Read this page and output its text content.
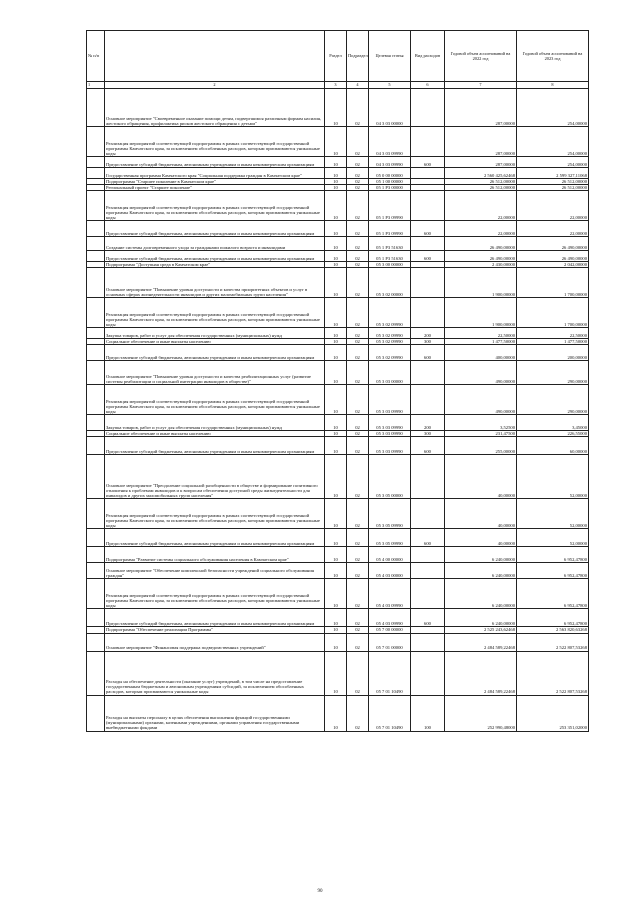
№ п/п		Раздел	Подраздел	Целевая статья	Вид расходов	Годовой объем ассигнований на 2022 год	Годовой объем ассигнований на 2023 год
1	2	3	4	5	6	7	8
	Основное мероприятие "Своевременное оказание помощи детям, подвергшимся различным формам насилия, жестокого обращения, профилактика рисков жестокого обращения с детьми"	10	02	04 3 03 00000		287,00000	254,00000
	Реализация мероприятий соответствующей подпрограммы в рамках соответствующей государственной программы Камчатского края, за исключением обособленных расходов, которым присваиваются уникальные коды	10	02	04 3 03 09990		287,00000	254,00000
	Предоставление субсидий бюджетным, автономным учреждениям и иным некоммерческим организациям	10	02	04 3 03 09990	600	287,00000	254,00000
	Государственная программа Камчатского края "Социальная поддержка граждан в Камчатском крае"	10	02	05 0 00 00000		2 560 425,62468	2 599 327,11068
	Подпрограмма "Старшее поколение в Камчатском крае"	10	02	05 1 00 00000		26 512,00000	26 512,00000
	Региональный проект "Старшее поколение"	10	02	05 1 P3 00000		26 512,00000	26 512,00000
	Реализация мероприятий соответствующей подпрограммы в рамках соответствующей государственной программы Камчатского края, за исключением обособленных расходов, которым присваиваются уникальные коды	10	02	05 1 P3 09990		22,00000	22,00000
	Предоставление субсидий бюджетным, автономным учреждениям и иным некоммерческим организациям	10	02	05 1 P3 09990	600	22,00000	22,00000
	Создание системы долговременного ухода за гражданами пожилого возраста и инвалидами	10	02	05 1 P3 51630		26 490,00000	26 490,00000
	Предоставление субсидий бюджетным, автономным учреждениям и иным некоммерческим организациям	10	02	05 1 P3 51630	600	26 490,00000	26 490,00000
	Подпрограмма "Доступная среда в Камчатском крае"	10	02	05 3 00 00000		2 430,00000	2 042,00000
	Основное мероприятие "Повышение уровня доступности и качества приоритетных объектов и услуг в основных сферах жизнедеятельности инвалидов и других маломобильных групп населения"	10	02	05 3 02 00000		1 900,00000	1 700,00000
	Реализация мероприятий соответствующей подпрограммы в рамках соответствующей государственной программы Камчатского края, за исключением обособленных расходов, которым присваиваются уникальные коды	10	02	05 3 02 09990		1 900,00000	1 700,00000
	Закупка товаров, работ и услуг для обеспечения государственных (муниципальных) нужд	10	02	05 3 02 09990	200	22,50000	22,50000
	Социальное обеспечение и иные выплаты населению	10	02	05 3 02 09990	300	1 477,50000	1 477,50000
	Предоставление субсидий бюджетным, автономным учреждениям и иным некоммерческим организациям	10	02	05 3 02 09990	600	400,00000	200,00000
	Основное мероприятие "Повышение уровня доступности и качества реабилитационных услуг (развитие системы реабилитации и социальной интеграции инвалидов в обществе)"	10	02	05 3 03 00000		490,00000	290,00000
	Реализация мероприятий соответствующей подпрограммы в рамках соответствующей государственной программы Камчатского края, за исключением обособленных расходов, которым присваиваются уникальные коды	10	02	05 3 03 09990		490,00000	290,00000
	Закупка товаров, работ и услуг для обеспечения государственных (муниципальных) нужд	10	02	05 3 03 09990	200	3,52500	3,45000
	Социальное обеспечение и иные выплаты населению	10	02	05 3 03 09990	300	231,47500	226,55000
	Предоставление субсидий бюджетным, автономным учреждениям и иным некоммерческим организациям	10	02	05 3 03 09990	600	255,00000	60,00000
	Основное мероприятие "Преодоление социальной разобщенности в обществе и формирование позитивного отношения к проблемам инвалидов и к вопросам обеспечения доступной среды жизнедеятельности для инвалидов и других маломобильных групп населения"	10	02	05 3 05 00000		40,00000	52,00000
	Реализация мероприятий соответствующей подпрограммы в рамках соответствующей государственной программы Камчатского края, за исключением обособленных расходов, которым присваиваются уникальные коды	10	02	05 3 05 09990		40,00000	52,00000
	Предоставление субсидий бюджетным, автономным учреждениям и иным некоммерческим организациям	10	02	05 3 05 09990	600	40,00000	52,00000
	Подпрограмма "Развитие системы социального обслуживания населения в Камчатском крае"	10	02	05 4 00 00000		6 240,00000	6 952,47800
	Основное мероприятие "Обеспечение комплексной безопасности учреждений социального обслуживания граждан"	10	02	05 4 03 00000		6 240,00000	6 952,47800
	Реализация мероприятий соответствующей подпрограммы в рамках соответствующей государственной программы Камчатского края, за исключением обособленных расходов, которым присваиваются уникальные коды	10	02	05 4 03 09990		6 240,00000	6 952,47800
	Предоставление субсидий бюджетным, автономным учреждениям и иным некоммерческим организациям	10	02	05 4 03 09990	600	6 240,00000	6 952,47800
	Подпрограмма "Обеспечение реализации Программы"	10	02	05 7 00 00000		2 525 243,62468	2 563 820,63268
	Основное мероприятие "Финансовая поддержка подведомственных учреждений"	10	02	05 7 01 00000		2 484 589,22468	2 522 807,53268
	Расходы на обеспечение деятельности (оказание услуг) учреждений, в том числе на предоставление государственным бюджетным и автономным учреждениям субсидий, за исключением обособленных расходов, которым присваиваются уникальные коды	10	02	05 7 01 10490		2 484 589,22468	2 522 807,53268
	Расходы на выплаты персоналу в целях обеспечения выполнения функций государственными (муниципальными) органами, казенными учреждениями, органами управления государственными внебюджетными фондами	10	02	05 7 01 10490	100	252 990,48000	253 351,02000
90
